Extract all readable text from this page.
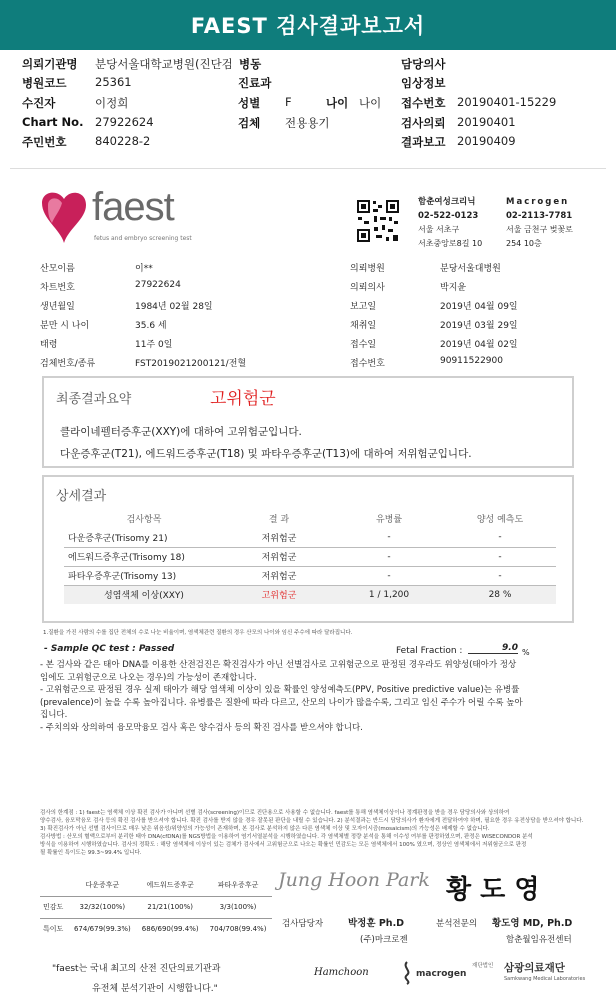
FAEST 검사결과보고서
의뢰기관명 분당서울대학교병원(진단검 병동	담당의사
병원코드 25361	진료과	임상정보
수진자	이정희	성별 F	나이 나이 접수번호 20190401-15229
Chart No. 27922624	검체 전용용기	검사의뢰 20190401
주민번호 840228-2	결과보고 20190409
faest
fetus and embryo screening test
함춘여성크리닉
02-522-0123
서울 서초구
서초중앙로8길 10
Macrogen
02-2113-7781
서울 금천구 벚꽃로
254 10층
산모이름	이**	의뢰병원	분당서울대병원
차트번호	27922624	의뢰의사	박지윤
생년월일	1984년 02월 28일	보고일	2019년 04월 09일
분만 시 나이	35.6 세	채취일	2019년 03월 29일
태령	11주 0일	접수일	2019년 04월 02일
검체번호/종류	FST2019021200121/전혈	접수번호	90911522900
최종결과요약	고위험군
클라이네펠터증후군(XXY)에 대하여 고위험군입니다.
다운증후군(T21), 에드워드증후군(T18) 및 파타우증후군(T13)에 대하여 저위험군입니다.
상세결과
검사항목	결 과	유병률	양성 예측도
다운증후군(Trisomy 21)	저위험군	-	-
에드워드증후군(Trisomy 18)	저위험군	-	-
파타우증후군(Trisomy 13)	저위험군	-	-
성염색체 이상(XXY)	고위험군	1 / 1,200	28 %
1.질환을 가진 사람의 수를 집단 전체의 수로 나눈 비율이며, 염색체관련 질환의 경우 산모의 나이와 임신 주수에 따라 달라집니다.
- Sample QC test : Passed	Fetal Fraction :	9.0 %
- 본 검사와 같은 태아 DNA를 이용한 산전검진은 확진검사가 아닌 선별검사로 고위험군으로 판정된 경우라도 위양성(태아가 정상
임에도 고위험군으로 나오는 경우)의 가능성이 존재합니다.
- 고위험군으로 판정된 경우 실제 태아가 해당 염색체 이상이 있을 확률인 양성예측도(PPV, Positive predictive value)는 유병률
(prevalence)이 높을 수록 높아집니다. 유병률은 질환에 따라 다르고, 산모의 나이가 많을수록, 그리고 임신 주수가 어릴 수록 높아
집니다.
- 주치의와 상의하여 융모막융모 검사 혹은 양수검사 등의 확진 검사를 받으셔야 합니다.
검사의 한계점 : 1) faest는 염색체 이상 확진 검사가 아니며 선별 검사(screening)이므로 진단용으로 사용할 수 없습니다. faest를 통해 염색체이상이나 정계판정을 받을 경우 담당의사와 상의하여
양수검사, 융모막융모 검사 등의 확진 검사를 받으셔야 합니다. 확진 검사를 받지 않을 경우 잘못된 판단을 내릴 수 있습니다. 2) 분석결과는 반드시 담당의사가 환자에게 전달하여야 하며, 필요한 경우 유전상담을 받으셔야 합니다.
3) 확진검사가 아닌 선별 검사이므로 매우 낮은 위음성/위양성의 가능성이 존재하며, 본 검사로 분석하지 않은 다른 염색체 이상 및 모자이시즘(mosaicism)의 가능성은 배제할 수 없습니다.
검사방법 : 산모의 혈액으로부터 분리한 태아 DNA(cfDNA)를 NGS방법을 이용하여 염기서열분석을 시행하였습니다. 각 염색체별 정량 분석을 통해 이수성 여부를 판정하였으며, 판정은 WISECONDOR 분석
방식을 이용하여 시행하였습니다. 검사의 정확도 : 해당 염색체에 이상이 있는 검체가 검사에서 고위험군으로 나오는 확률인 민감도는 모든 염색체에서 100% 였으며, 정상인 염색체에서 저위험군으로 판정
될 확률인 특이도는 99.3~99.4% 입니다.
	다운증후군	에드워드증후군	파타우증후군
민감도	32/32(100%)	21/21(100%)	3/3(100%)
특이도	674/679(99.3%)	686/690(99.4%)	704/708(99.4%)
Jung Hoon Park 황 도 영
검사담당자	박정훈 Ph.D
(주)마크로젠
분석전문의 황도영 MD, Ph.D
함춘월임유전센터
"faest는 국내 최고의 산전 진단의료기관과
유전체 분석기관이 시행합니다."
Hamchoon	macrogen
재단법인 삼광의료재단
Samkwang Medical Laboratories
